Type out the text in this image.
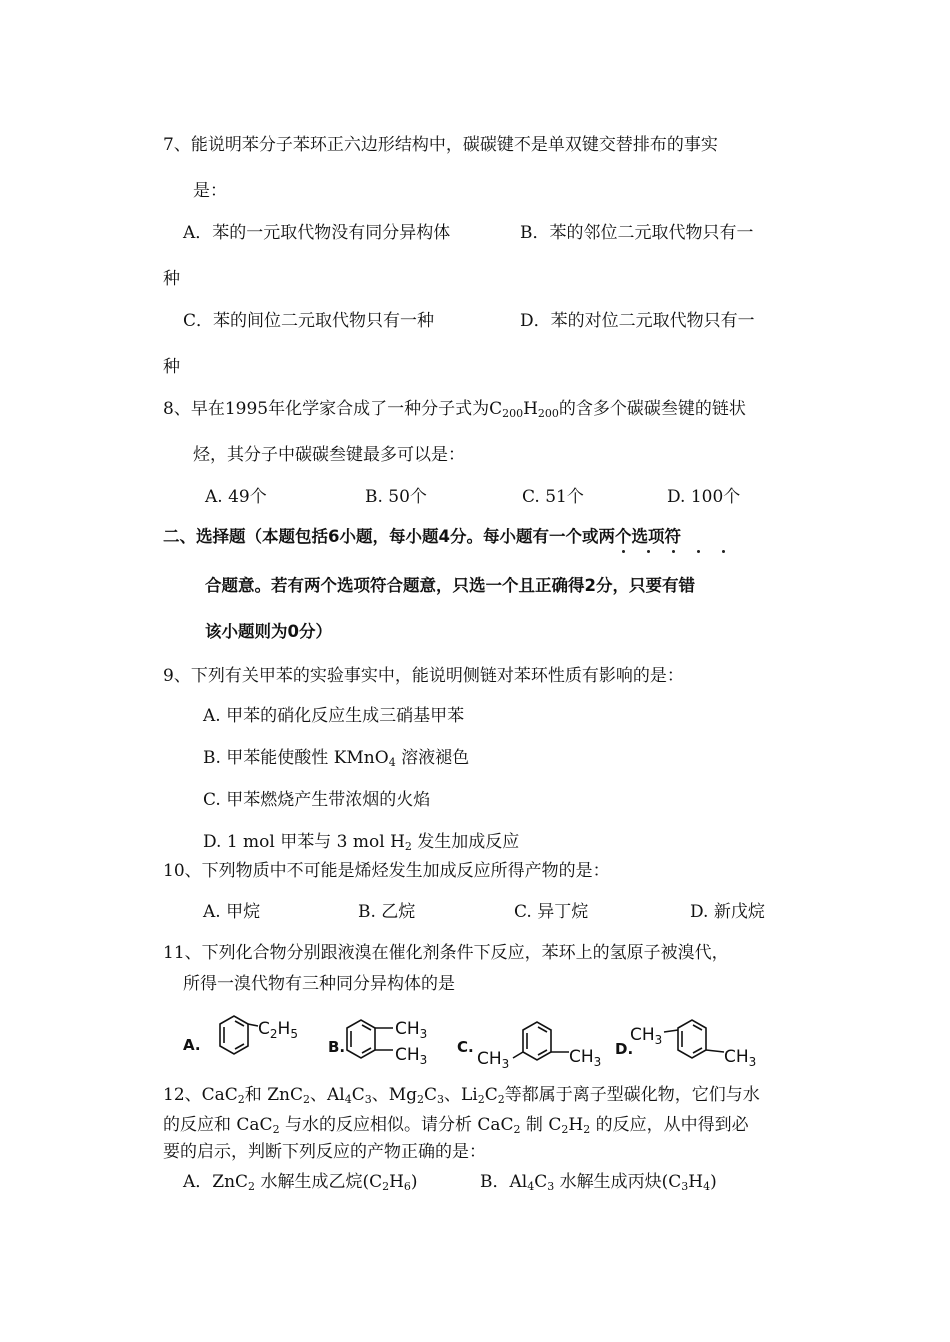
7、能说明苯分子苯环正六边形结构中，碳碳键不是单双键交替排布的事实
是：
A．苯的一元取代物没有同分异构体	B．苯的邻位二元取代物只有一
种
C．苯的间位二元取代物只有一种	D．苯的对位二元取代物只有一
种
8、早在1995年化学家合成了一种分子式为$C_{200}H_{200}$的含多个碳碳叁键的链状
烃，其分子中碳碳叁键最多可以是：
A. 49个	B. 50个	C. 51个	D. 100个
二、选择题（本题包括6小题，每小题4分。每小题有一个或两个选项符
合题意。若有两个选项符合题意，只选一个且正确得2分，只要有错
该小题则为0分）
9、下列有关甲苯的实验事实中，能说明侧链对苯环性质有影响的是：
A. 甲苯的硝化反应生成三硝基甲苯
B. 甲苯能使酸性 KMnO$_4$ 溶液褪色
C. 甲苯燃烧产生带浓烟的火焰
D. 1 mol 甲苯与 3 mol $H_2$ 发生加成反应
10、下列物质中不可能是烯烃发生加成反应所得产物的是：
A. 甲烷	B. 乙烷	C. 异丁烷	D. 新戊烷
11、下列化合物分别跟液溴在催化剂条件下反应，苯环上的氢原子被溴代，
所得一溴代物有三种同分异构体的是
A.
$C_2H_5$
B.
$CH_3$
$CH_3$
C.
$CH_3$	$CH_3$
D.
$CH_3$
$CH_3$
12、CaC$_2$和 ZnC$_2$、$Al_4C_3$、$Mg_2C_3$、$Li_2C_2$等都属于离子型碳化物，它们与水
的反应和 CaC$_2$ 与水的反应相似。请分析 CaC$_2$ 制 $C_2H_2$ 的反应，从中得到必
要的启示，判断下列反应的产物正确的是：
A．ZnC$_2$ 水解生成乙烷$(C_2H_6)$	B．$Al_4C_3$ 水解生成丙炔$(C_3H_4)$
